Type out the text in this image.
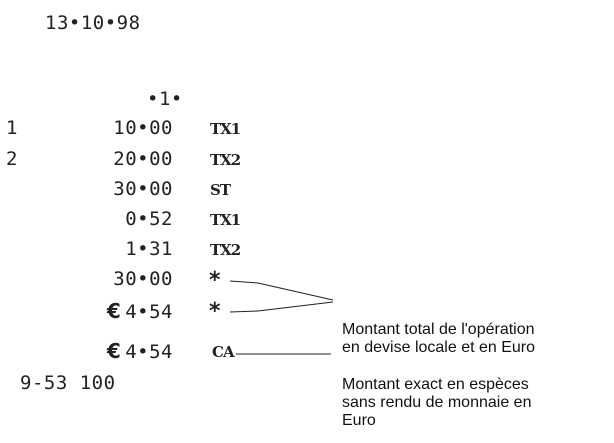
13•10•98
•1•
1	10•00 TX1
2	20•00 TX2
30•00 ST
0•52 TX1
1•31 TX2
30•00 *
€ 4•54 *
€ 4•54	CA
9-53 100
Montant total de l'opération
en devise locale et en Euro
Montant exact en espèces
sans rendu de monnaie en
Euro
